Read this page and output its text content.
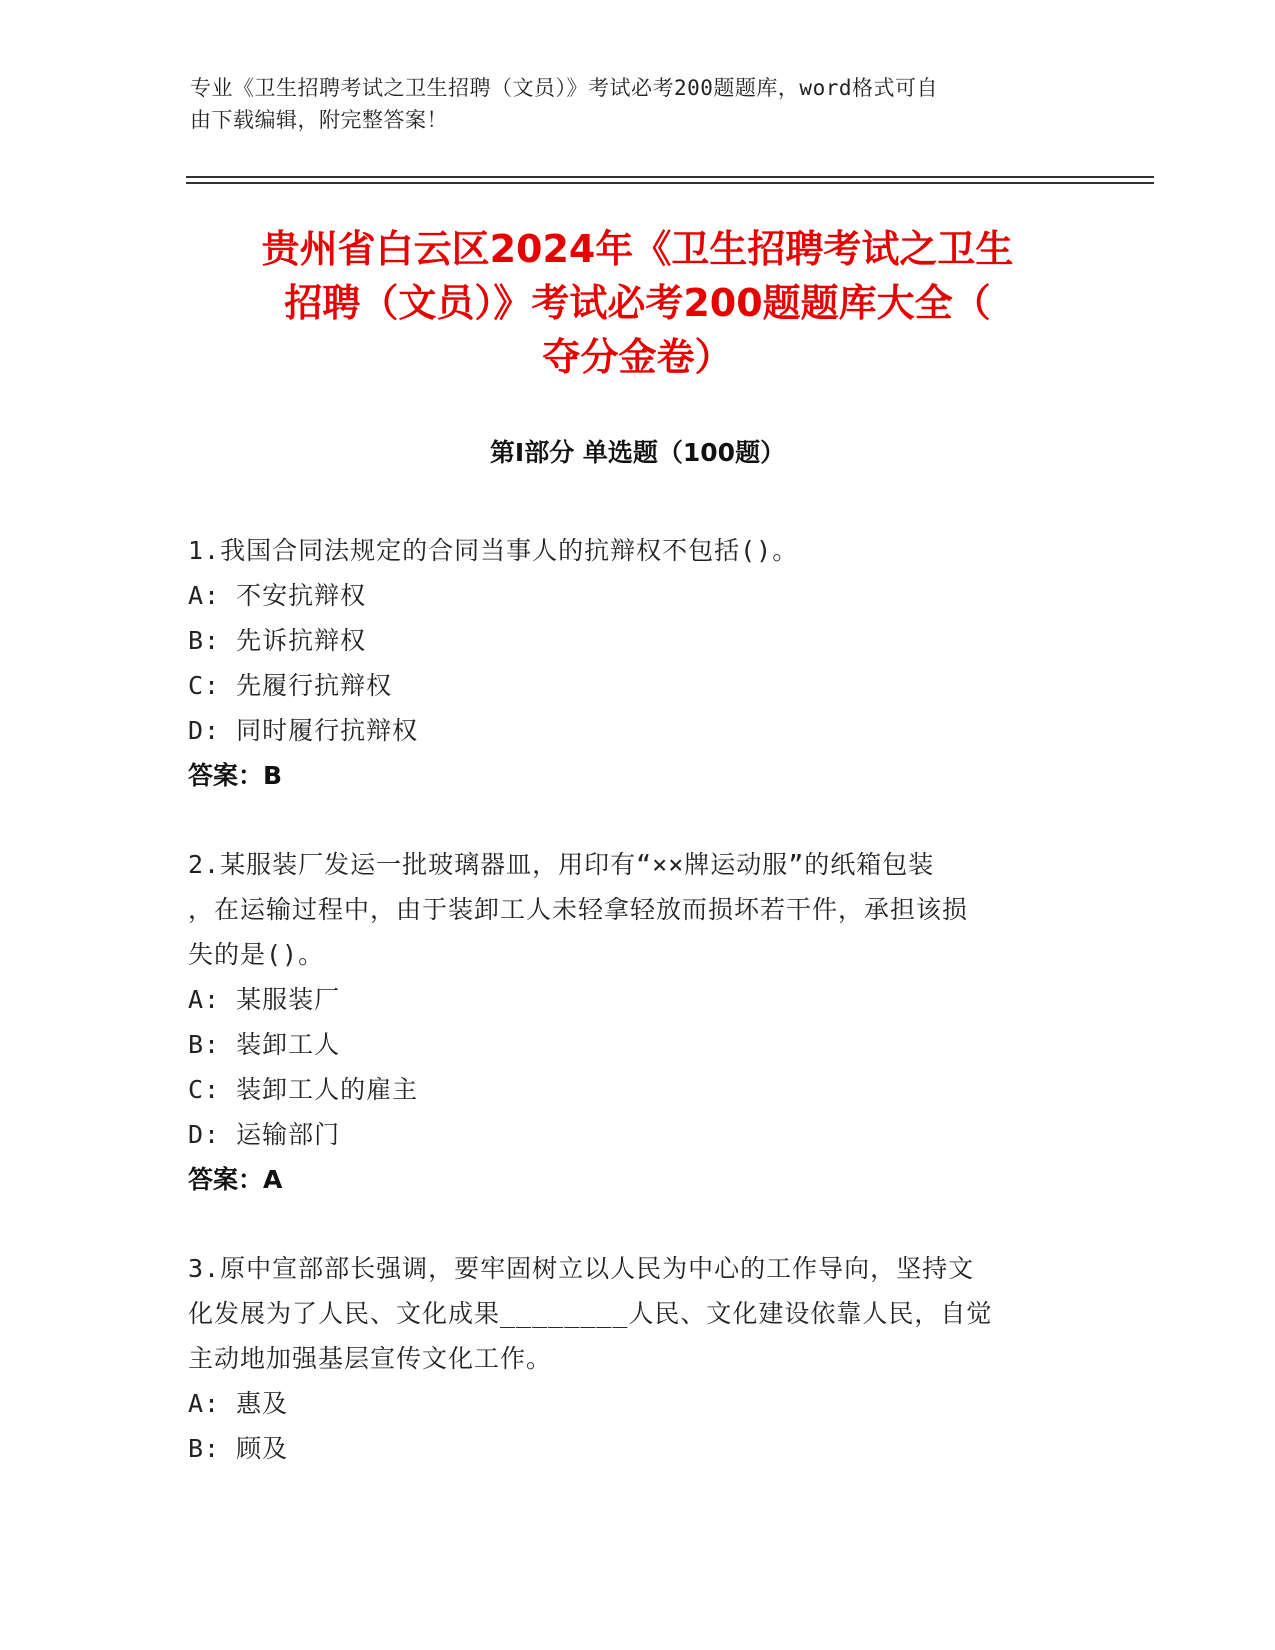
专业《卫生招聘考试之卫生招聘（文员）》考试必考200题题库，word格式可自
由下载编辑，附完整答案！
贵州省白云区2024年《卫生招聘考试之卫生
招聘（文员）》考试必考200题题库大全（
夺分金卷）
第Ⅰ部分 单选题（100题）

1.我国合同法规定的合同当事人的抗辩权不包括()。

A: 不安抗辩权

B: 先诉抗辩权

C: 先履行抗辩权

D: 同时履行抗辩权

答案：B

2.某服装厂发运一批玻璃器皿，用印有“××牌运动服”的纸箱包装

，在运输过程中，由于装卸工人未轻拿轻放而损坏若干件，承担该损

失的是()。

A: 某服装厂

B: 装卸工人

C: 装卸工人的雇主

D: 运输部门

答案：A

3.原中宣部部长强调，要牢固树立以人民为中心的工作导向，坚持文

化发展为了人民、文化成果________人民、文化建设依靠人民，自觉

主动地加强基层宣传文化工作。

A: 惠及

B: 顾及
